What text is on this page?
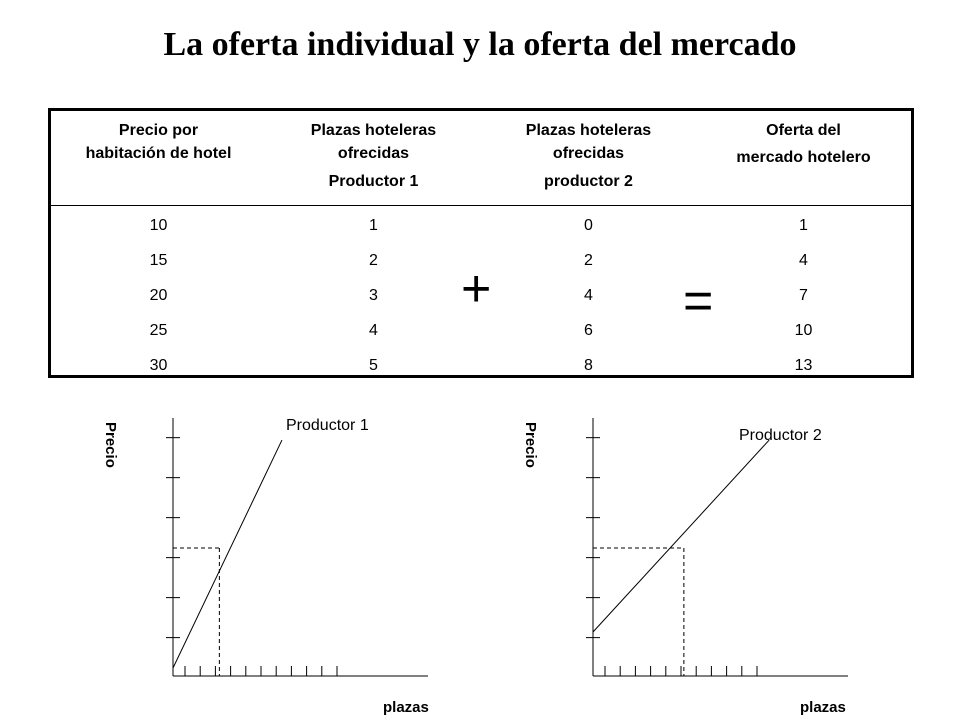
La oferta individual y la oferta del mercado
Precio por
habitación de hotel
Plazas hoteleras
ofrecidas
Productor 1
Plazas hoteleras
ofrecidas
productor 2
Oferta del
mercado hotelero
10
15
20
25
30
1
2
3
4
5
0
2
4
6
8
1
4
7
10
13
+	=
Productor 1
Precio
plazas
Productor 2
Precio
plazas
